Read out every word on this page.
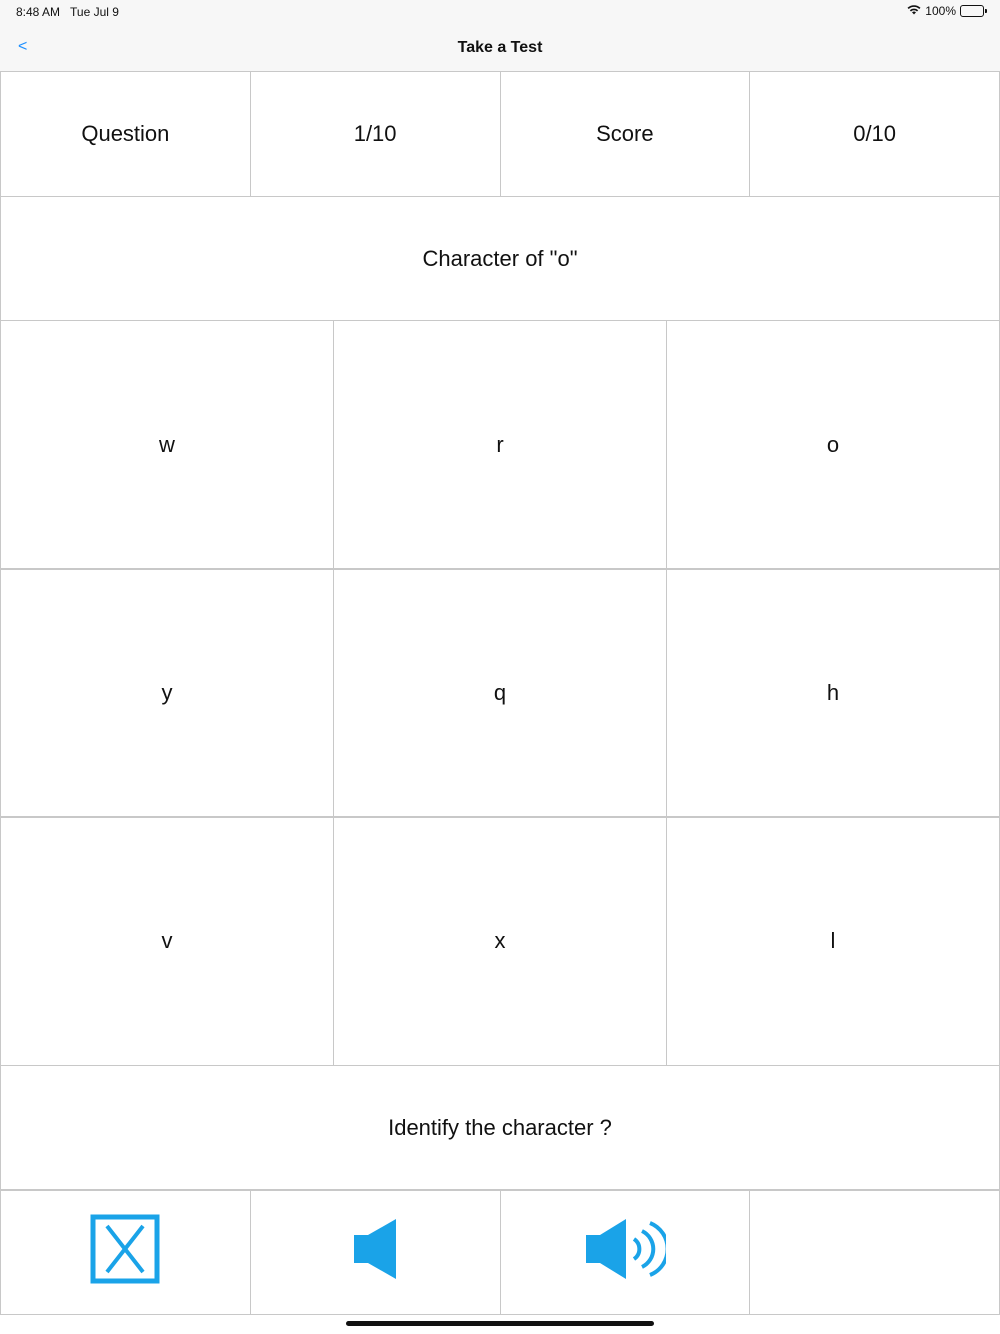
8:48 AM Tue Jul 9	100%
<	Take a Test
Question	1/10	Score	0/10
Character of "o"
w	r	o
y	q	h
v	x	l
Identify the character ?
